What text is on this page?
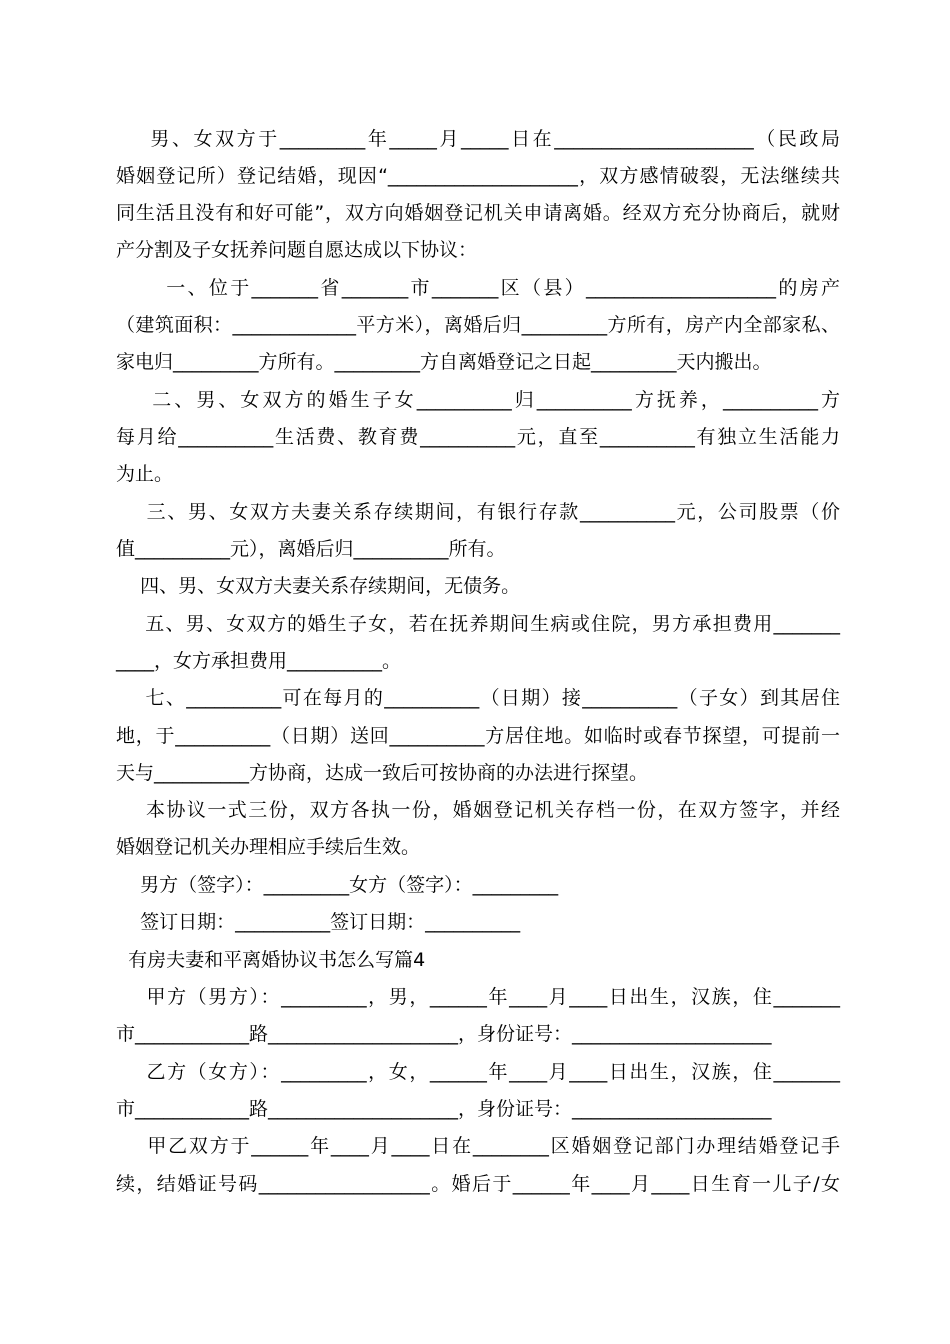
男、女双方于_________年_____月_____日在_____________________（民政局
婚姻登记所）登记结婚，现因“____________________，双方感情破裂，无法继续共
同生活且没有和好可能”，双方向婚姻登记机关申请离婚。经双方充分协商后，就财
产分割及子女抚养问题自愿达成以下协议：
一、位于_______省_______市_______区（县）____________________的房产
（建筑面积：_____________平方米），离婚后归_________方所有，房产内全部家私、
家电归_________方所有。_________方自离婚登记之日起_________天内搬出。
二、男、女双方的婚生子女__________归__________方抚养，__________方
每月给__________生活费、教育费__________元，直至__________有独立生活能力
为止。
三、男、女双方夫妻关系存续期间，有银行存款__________元，公司股票（价
值__________元），离婚后归__________所有。
四、男、女双方夫妻关系存续期间，无债务。
五、男、女双方的婚生子女，若在抚养期间生病或住院，男方承担费用_______
____，女方承担费用__________。
七、__________可在每月的__________（日期）接__________（子女）到其居住
地，于__________（日期）送回__________方居住地。如临时或春节探望，可提前一
天与__________方协商，达成一致后可按协商的办法进行探望。
本协议一式三份，双方各执一份，婚姻登记机关存档一份，在双方签字，并经
婚姻登记机关办理相应手续后生效。
男方（签字）：_________女方（签字）：_________
签订日期：__________签订日期：__________
有房夫妻和平离婚协议书怎么写篇4
甲方（男方）：_________，男，______年____月____日出生，汉族，住_______
市____________路____________________，身份证号：_____________________
乙方（女方）：_________，女，______年____月____日出生，汉族，住_______
市____________路____________________，身份证号：_____________________
甲乙双方于______年____月____日在________区婚姻登记部门办理结婚登记手
续，结婚证号码__________________。婚后于______年____月____日生育一儿子/女
